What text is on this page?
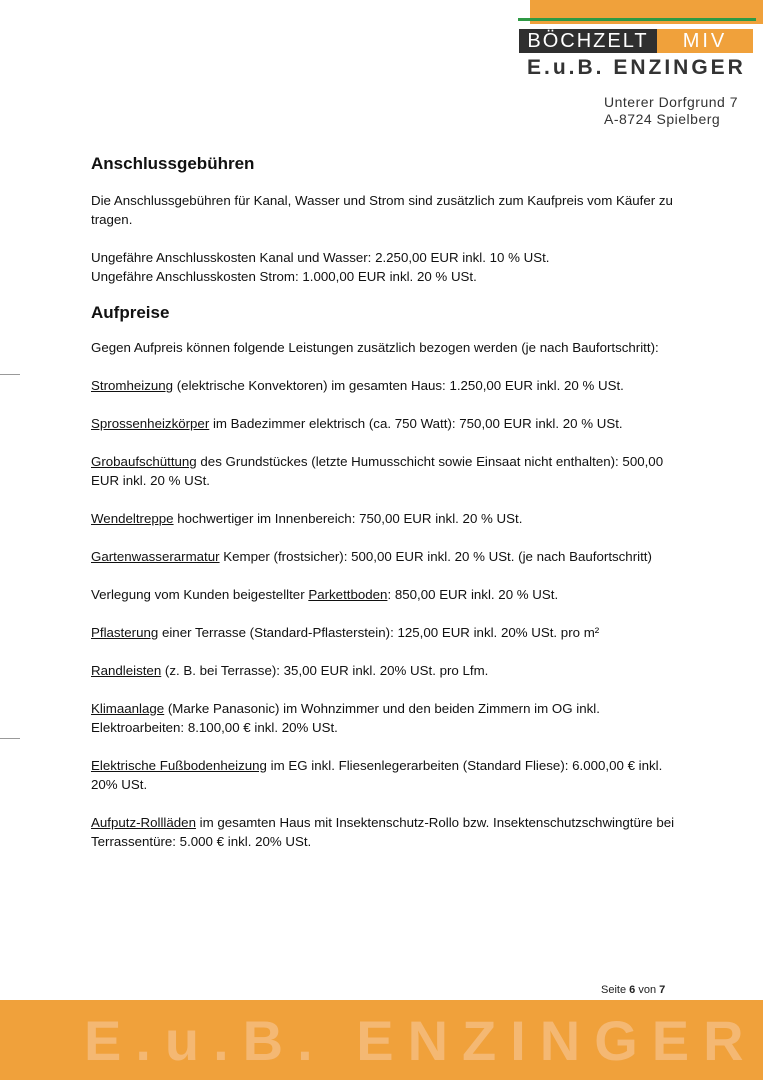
BÖCHZELT	MIV
E.u.B. ENZINGER
Unterer Dorfgrund 7
A-8724 Spielberg
Anschlussgebühren

Die Anschlussgebühren für Kanal, Wasser und Strom sind zusätzlich zum Kaufpreis vom Käufer zu tragen.

Ungefähre Anschlusskosten Kanal und Wasser: 2.250,00 EUR inkl. 10 % USt.

Ungefähre Anschlusskosten Strom: 1.000,00 EUR inkl. 20 % USt.

Aufpreise

Gegen Aufpreis können folgende Leistungen zusätzlich bezogen werden (je nach Baufortschritt):

Stromheizung (elektrische Konvektoren) im gesamten Haus: 1.250,00 EUR inkl. 20 % USt.

Sprossenheizkörper im Badezimmer elektrisch (ca. 750 Watt): 750,00 EUR inkl. 20 % USt.

Grobaufschüttung des Grundstückes (letzte Humusschicht sowie Einsaat nicht enthalten): 500,00 EUR inkl. 20 % USt.

Wendeltreppe hochwertiger im Innenbereich: 750,00 EUR inkl. 20 % USt.

Gartenwasserarmatur Kemper (frostsicher): 500,00 EUR inkl. 20 % USt. (je nach Baufortschritt)

Verlegung vom Kunden beigestellter Parkettboden: 850,00 EUR inkl. 20 % USt.

Pflasterung einer Terrasse (Standard-Pflasterstein): 125,00 EUR inkl. 20% USt. pro m²

Randleisten (z. B. bei Terrasse): 35,00 EUR inkl. 20% USt. pro Lfm.

Klimaanlage (Marke Panasonic) im Wohnzimmer und den beiden Zimmern im OG inkl. Elektroarbeiten: 8.100,00 € inkl. 20% USt.

Elektrische Fußbodenheizung im EG inkl. Fliesenlegerarbeiten (Standard Fliese): 6.000,00 € inkl. 20% USt.

Aufputz-Rollläden im gesamten Haus mit Insektenschutz-Rollo bzw. Insektenschutzschwingtüre bei Terrassentüre: 5.000 € inkl. 20% USt.

Seite 6 von 7
E.u.B. ENZINGER
